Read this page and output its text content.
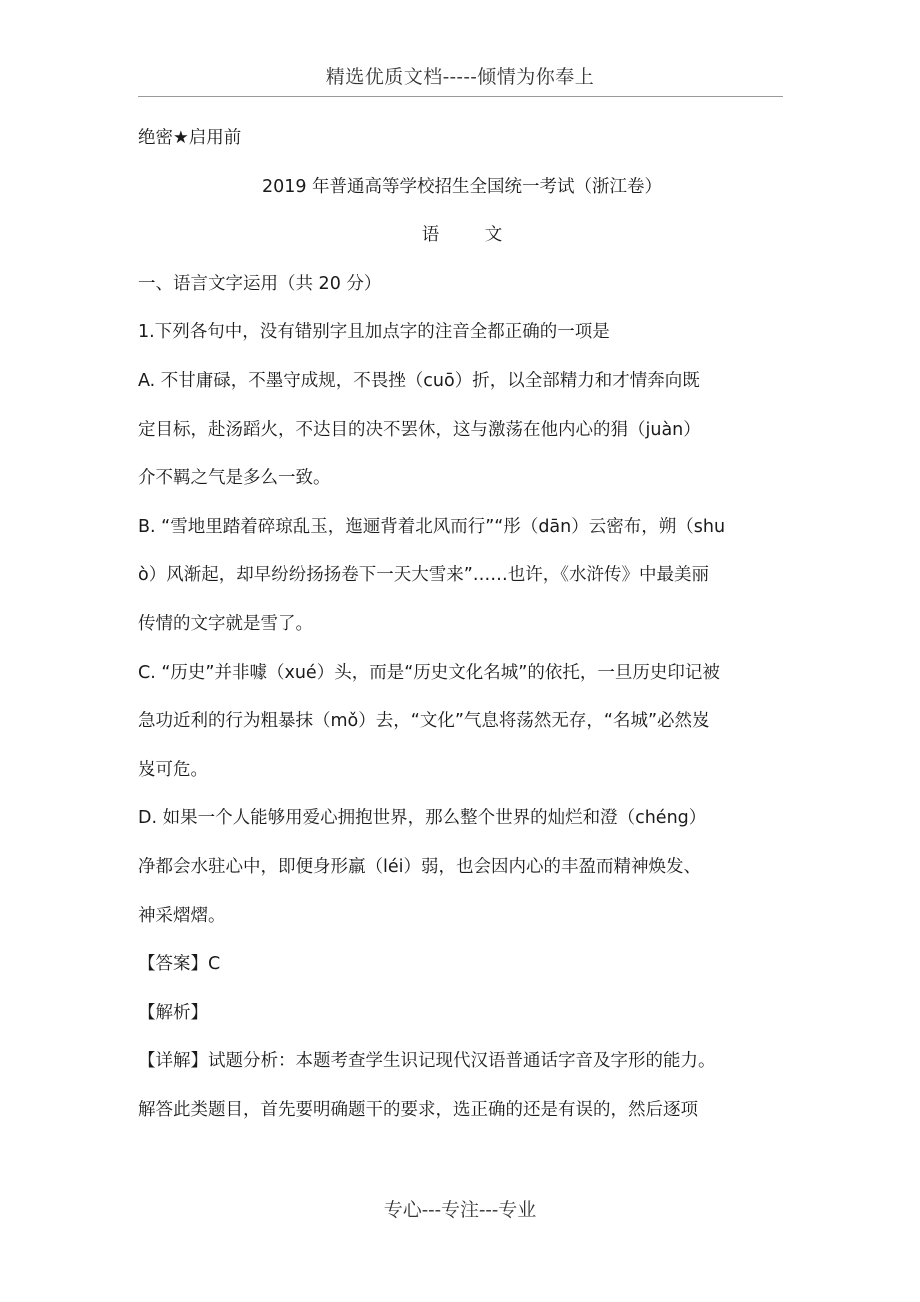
精选优质文档-----倾情为你奉上
绝密★启用前
2019 年普通高等学校招生全国统一考试（浙江卷）
语 文
一、语言文字运用（共 20 分）
1.下列各句中，没有错别字且加点字的注音全都正确的一项是
A. 不甘庸碌，不墨守成规，不畏挫（cuō）折，以全部精力和才情奔向既
定目标，赴汤蹈火，不达目的决不罢休，这与激荡在他内心的狷（juàn）
介不羁之气是多么一致。
B. “雪地里踏着碎琼乱玉，迤逦背着北风而行”“彤（dān）云密布，朔（shu
ò）风渐起，却早纷纷扬扬卷下一天大雪来”……也许，《水浒传》中最美丽
传情的文字就是雪了。
C. “历史”并非噱（xué）头，而是“历史文化名城”的依托，一旦历史印记被
急功近利的行为粗暴抹（mǒ）去，“文化”气息将荡然无存，“名城”必然岌
岌可危。
D. 如果一个人能够用爱心拥抱世界，那么整个世界的灿烂和澄（chéng）
净都会水驻心中，即便身形羸（léi）弱，也会因内心的丰盈而精神焕发、
神采熠熠。
【答案】C
【解析】
【详解】试题分析：本题考查学生识记现代汉语普通话字音及字形的能力。
解答此类题目，首先要明确题干的要求，选正确的还是有误的，然后逐项
专心---专注---专业
